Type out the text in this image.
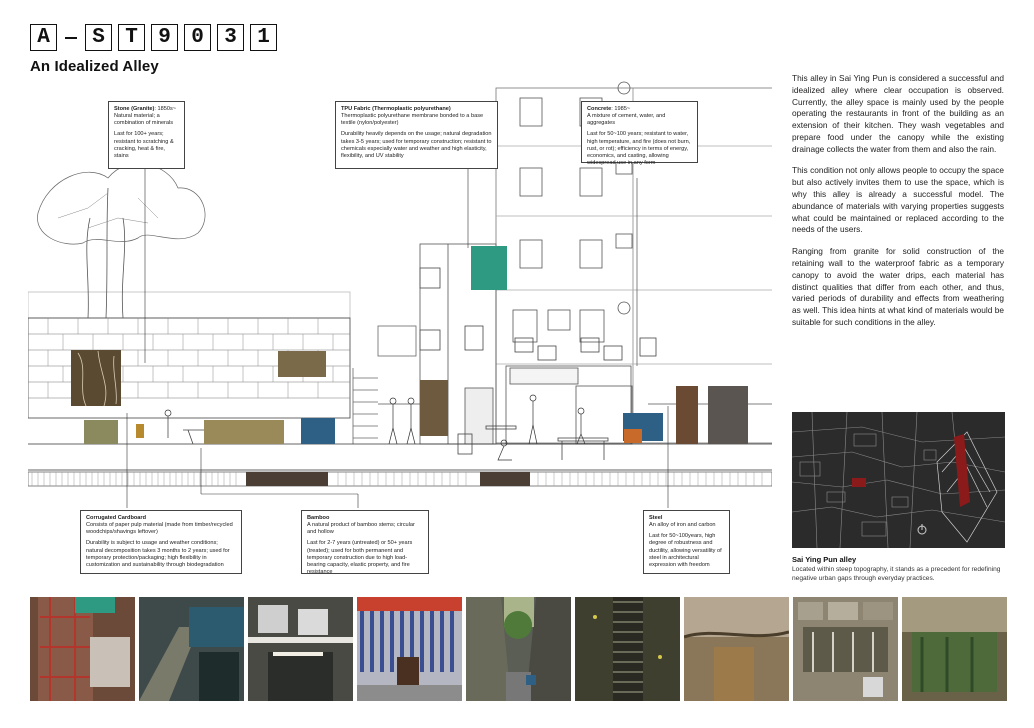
A	S T 9 0 3 1
An Idealized Alley

Stone (Granite): 1850s~
Natural material; a combination of minerals

Last for 100+ years; resistant to scratching & cracking, heat & fire, stains

TPU Fabric (Thermoplastic polyurethane)
Thermoplastic polyurethane membrane bonded to a base textile (nylon/polyester)

Durability heavily depends on the usage; natural degradation takes 3-5 years; used for temporary construction; resistant to chemicals especially water and weather and high elasticity, flexibility, and UV stability

Concrete: 1985~
A mixture of cement, water, and aggregates

Last for 50~100 years; resistant to water, high temperature, and fire (does not burn, rust, or rot); efficiency in terms of energy, economics, and casting, allowing widespread use in any form

Corrugated Cardboard
Consists of paper pulp material (made from timber/recycled woodchips/shavings leftover)

Durability is subject to usage and weather conditions; natural decomposition takes 3 months to 2 years; used for temporary protection/packaging; high flexibility in customization and sustainability through biodegradation

Bamboo
A natural product of bamboo stems; circular and hollow

Last for 2-7 years (untreated) or 50+ years (treated); used for both permanent and temporary construction due to high load-bearing capacity, elastic property, and fire resistance

Steel
An alloy of iron and carbon

Last for 50~100years, high degree of robustness and ductility, allowing versatility of steel in architectural expression with freedom

This alley in Sai Ying Pun is considered a successful and idealized alley where clear occupation is observed. Currently, the alley space is mainly used by the people operating the restaurants in front of the building as an extension of their kitchen. They wash vegetables and prepare food under the canopy while the existing drainage collects the water from them and also the rain.

This condition not only allows people to occupy the space but also actively invites them to use the space, which is why this alley is already a successful model. The abundance of materials with varying properties suggests what could be maintained or replaced according to the needs of the users.

Ranging from granite for solid construction of the retaining wall to the waterproof fabric as a temporary canopy to avoid the water drips, each material has distinct qualities that differ from each other, and thus, varied periods of durability and effects from weathering as well. This idea hints at what kind of materials would be suitable for such conditions in the alley.

Sai Ying Pun alley
Located within steep topography, it stands as a precedent for redefining negative urban gaps through everyday practices.
